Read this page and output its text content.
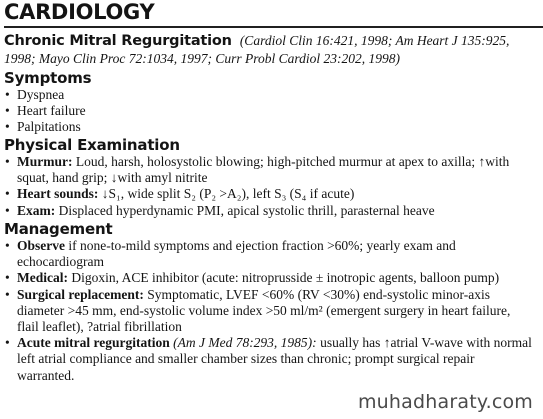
CARDIOLOGY
Chronic Mitral Regurgitation (Cardiol Clin 16:421, 1998; Am Heart J 135:925, 1998; Mayo Clin Proc 72:1034, 1997; Curr Probl Cardiol 23:202, 1998)
Symptoms
• Dyspnea
• Heart failure
• Palpitations
Physical Examination
• Murmur: Loud, harsh, holosystolic blowing; high-pitched murmur at apex to axilla; ↑with squat, hand grip; ↓with amyl nitrite
• Heart sounds: ↓S₁, wide split S₂ (P₂ >A₂), left S₃ (S₄ if acute)
• Exam: Displaced hyperdynamic PMI, apical systolic thrill, parasternal heave
Management
• Observe if none-to-mild symptoms and ejection fraction >60%; yearly exam and echocardiogram
• Medical: Digoxin, ACE inhibitor (acute: nitroprusside ± inotropic agents, balloon pump)
• Surgical replacement: Symptomatic, LVEF <60% (RV <30%) end-systolic minor-axis diameter >45 mm, end-systolic volume index >50 ml/m² (emergent surgery in heart failure, flail leaflet), ?atrial fibrillation
• Acute mitral regurgitation (Am J Med 78:293, 1985): usually has ↑atrial V-wave with normal left atrial compliance and smaller chamber sizes than chronic; prompt surgical repair warranted.
muhadharaty.com
